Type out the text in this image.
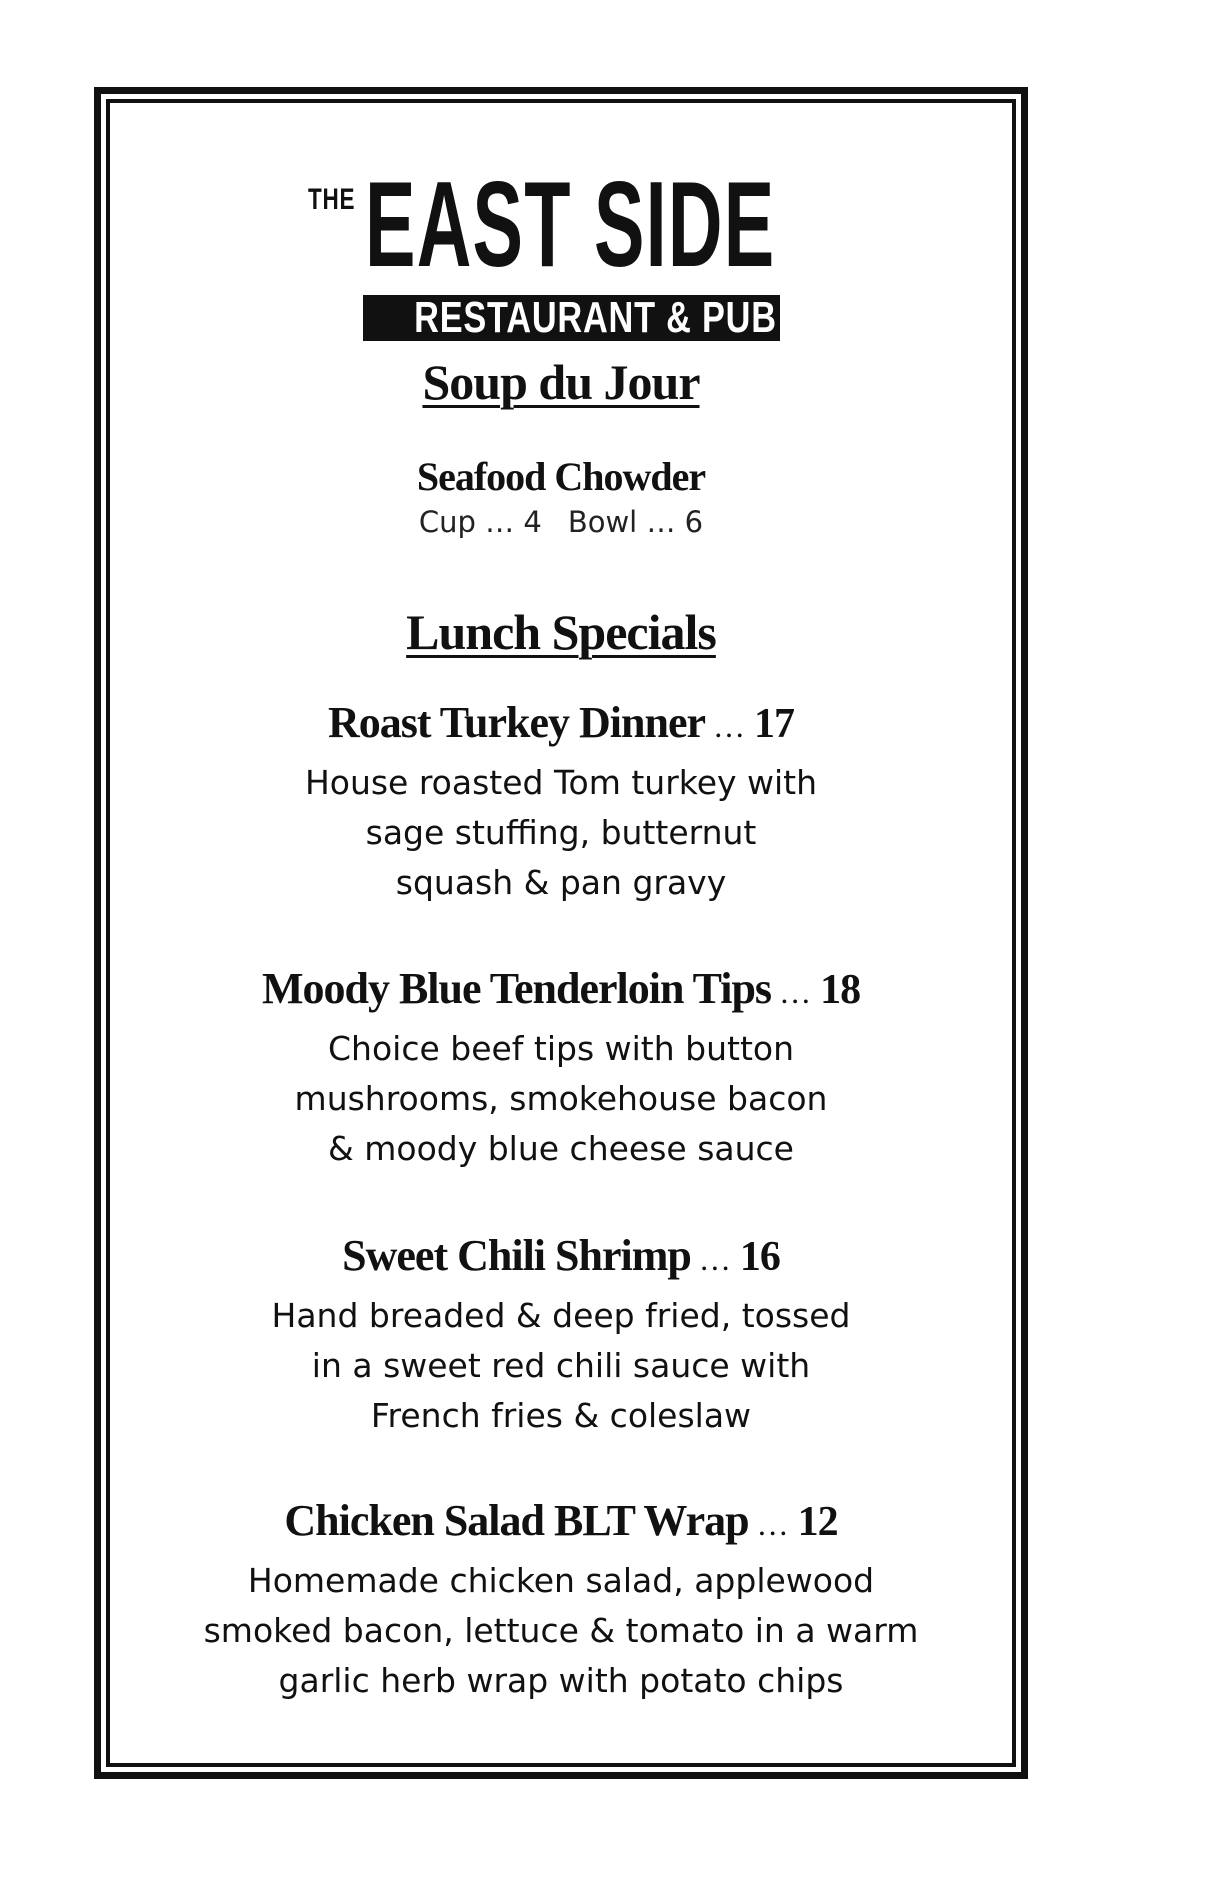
THE EAST SIDE
RESTAURANT & PUB
Soup du Jour
Seafood Chowder
Cup … 4 Bowl … 6
Lunch Specials
Roast Turkey Dinner … 17
House roasted Tom turkey with
sage stuffing, butternut
squash & pan gravy
Moody Blue Tenderloin Tips … 18
Choice beef tips with button
mushrooms, smokehouse bacon
& moody blue cheese sauce
Sweet Chili Shrimp … 16
Hand breaded & deep fried, tossed
in a sweet red chili sauce with
French fries & coleslaw
Chicken Salad BLT Wrap … 12
Homemade chicken salad, applewood
smoked bacon, lettuce & tomato in a warm
garlic herb wrap with potato chips
